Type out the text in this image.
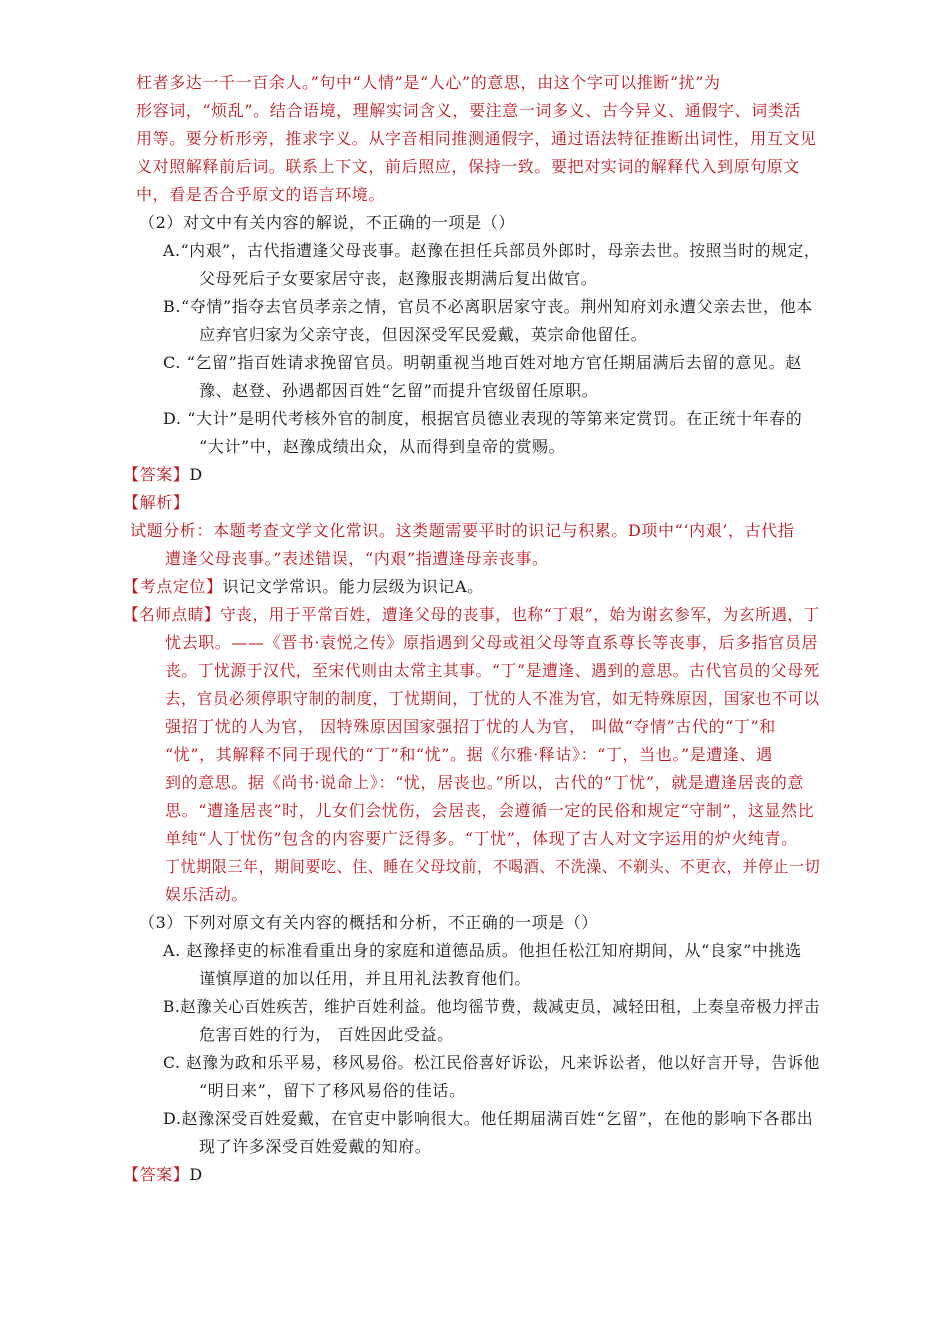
枉者多达一千一百余人。”句中“人情”是“人心”的意思，由这个字可以推断“扰”为
形容词，“烦乱”。结合语境，理解实词含义，要注意一词多义、古今异义、通假字、词类活
用等。要分析形旁，推求字义。从字音相同推测通假字，通过语法特征推断出词性，用互文见
义对照解释前后词。联系上下文，前后照应，保持一致。要把对实词的解释代入到原句原文
中，看是否合乎原文的语言环境。
（2）对文中有关内容的解说，不正确的一项是（）
A.“内艰”，古代指遭逢父母丧事。赵豫在担任兵部员外郎时，母亲去世。按照当时的规定，
父母死后子女要家居守丧，赵豫服丧期满后复出做官。
B.“夺情”指夺去官员孝亲之情，官员不必离职居家守丧。荆州知府刘永遭父亲去世，他本
应弃官归家为父亲守丧，但因深受军民爱戴，英宗命他留任。
C. “乞留”指百姓请求挽留官员。明朝重视当地百姓对地方官任期届满后去留的意见。赵
豫、赵登、孙遇都因百姓“乞留”而提升官级留任原职。
D. “大计”是明代考核外官的制度，根据官员德业表现的等第来定赏罚。在正统十年春的
“大计”中，赵豫成绩出众，从而得到皇帝的赏赐。
【答案】D
【解析】
试题分析：本题考查文学文化常识。这类题需要平时的识记与积累。D项中“‘内艰’，古代指
遭逢父母丧事。”表述错误，“内艰”指遭逢母亲丧事。
【考点定位】识记文学常识。能力层级为识记A。
【名师点睛】守丧，用于平常百姓，遭逢父母的丧事，也称“丁艰”，始为谢玄参军，为玄所遇，丁
忧去职。——《晋书·袁悦之传》原指遇到父母或祖父母等直系尊长等丧事，后多指官员居
丧。丁忧源于汉代，至宋代则由太常主其事。“丁”是遭逢、遇到的意思。古代官员的父母死
去，官员必须停职守制的制度，丁忧期间，丁忧的人不准为官，如无特殊原因，国家也不可以
强招丁忧的人为官， 因特殊原因国家强招丁忧的人为官， 叫做“夺情”古代的“丁”和
“忧”，其解释不同于现代的“丁”和“忧”。据《尔雅·释诂》：“丁，当也。”是遭逢、遇
到的意思。据《尚书·说命上》：“忧，居丧也。”所以，古代的“丁忧”，就是遭逢居丧的意
思。“遭逢居丧”时，儿女们会忧伤，会居丧，会遵循一定的民俗和规定“守制”，这显然比
单纯“人丁忧伤”包含的内容要广泛得多。“丁忧”，体现了古人对文字运用的炉火纯青。
丁忧期限三年，期间要吃、住、睡在父母坟前，不喝酒、不洗澡、不剃头、不更衣，并停止一切
娱乐活动。
（3）下列对原文有关内容的概括和分析，不正确的一项是（）
A. 赵豫择吏的标准看重出身的家庭和道德品质。他担任松江知府期间，从“良家”中挑选
谨慎厚道的加以任用，并且用礼法教育他们。
B.赵豫关心百姓疾苦，维护百姓利益。他均徭节费，裁减吏员，减轻田租，上奏皇帝极力抨击
危害百姓的行为， 百姓因此受益。
C. 赵豫为政和乐平易，移风易俗。松江民俗喜好诉讼，凡来诉讼者，他以好言开导，告诉他
“明日来”，留下了移风易俗的佳话。
D.赵豫深受百姓爱戴，在官吏中影响很大。他任期届满百姓“乞留”，在他的影响下各郡出
现了许多深受百姓爱戴的知府。
【答案】D
